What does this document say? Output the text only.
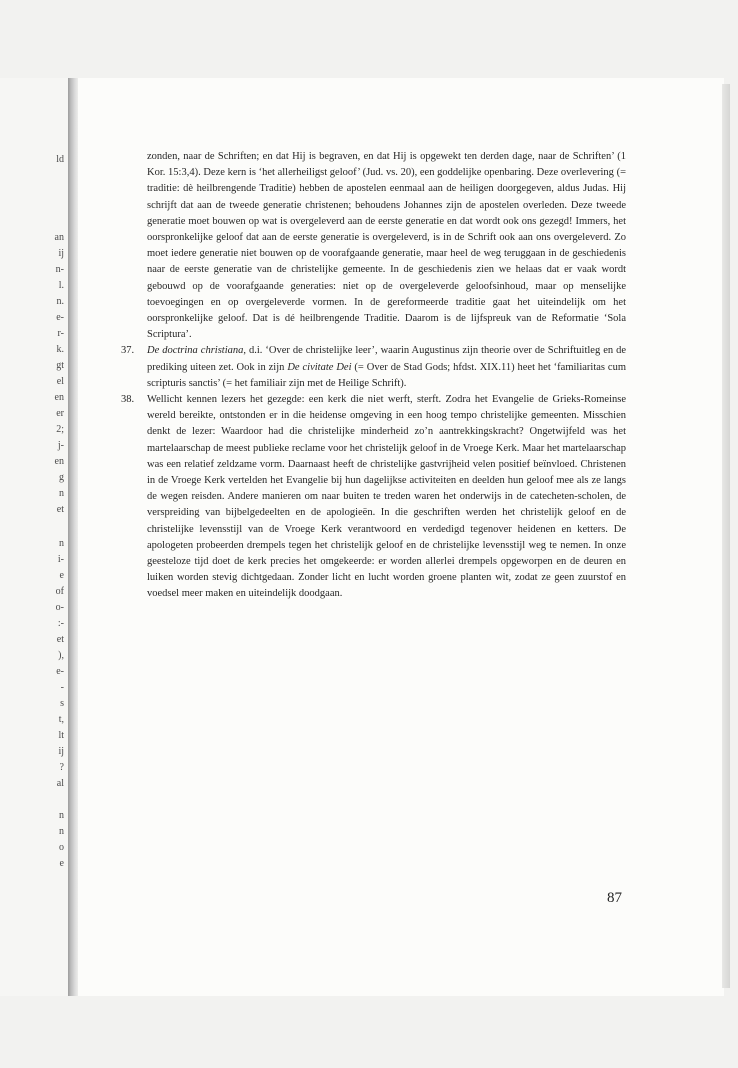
ld
an
ij
n-
l.
n.
e-
r-
k.
gt
el
en
er
2;
j-
en
g
n
et
n
i-
e
of
o-
:-
et
),
e-
-
s
t,
lt
ij
?
al
n
n
o
e

zonden, naar de Schriften; en dat Hij is begraven, en dat Hij is opgewekt ten derden dage, naar de Schriften’ (1 Kor. 15:3,4). Deze kern is ‘het allerheiligst geloof’ (Jud. vs. 20), een goddelijke openbaring. Deze overlevering (= traditie: dè heilbrengende Traditie) hebben de apostelen eenmaal aan de heiligen doorgegeven, aldus Judas. Hij schrijft dat aan de tweede generatie christenen; behoudens Johannes zijn de apostelen overleden. Deze tweede generatie moet bouwen op wat is overgeleverd aan de eerste generatie en dat wordt ook ons gezegd! Immers, het oorspronkelijke geloof dat aan de eerste generatie is overgeleverd, is in de Schrift ook aan ons overgeleverd. Zo moet iedere generatie niet bouwen op de voorafgaande generatie, maar heel de weg teruggaan in de geschiedenis naar de eerste generatie van de christelijke gemeente. In de geschiedenis zien we helaas dat er vaak wordt gebouwd op de voorafgaande generaties: niet op de overgeleverde geloofsinhoud, maar op menselijke toevoegingen en op overgeleverde vormen. In de gereformeerde traditie gaat het uiteindelijk om het oorspronkelijke geloof. Dat is dé heilbrengende Traditie. Daarom is de lijfspreuk van de Reformatie ‘Sola Scriptura’.

37. De doctrina christiana, d.i. ‘Over de christelijke leer’, waarin Augustinus zijn theorie over de Schriftuitleg en de prediking uiteen zet. Ook in zijn De civitate Dei (= Over de Stad Gods; hfdst. XIX.11) heet het ‘familiaritas cum scripturis sanctis’ (= het familiair zijn met de Heilige Schrift).

38. Wellicht kennen lezers het gezegde: een kerk die niet werft, sterft. Zodra het Evangelie de Grieks-Romeinse wereld bereikte, ontstonden er in die heidense omgeving in een hoog tempo christelijke gemeenten. Misschien denkt de lezer: Waardoor had die christelijke minderheid zo’n aantrekkingskracht? Ongetwijfeld was het martelaarschap de meest publieke reclame voor het christelijk geloof in de Vroege Kerk. Maar het martelaarschap was een relatief zeldzame vorm. Daarnaast heeft de christelijke gastvrijheid velen positief beïnvloed. Christenen in de Vroege Kerk vertelden het Evangelie bij hun dagelijkse activiteiten en deelden hun geloof mee als ze langs de wegen reisden. Andere manieren om naar buiten te treden waren het onderwijs in de catecheten-scholen, de verspreiding van bijbelgedeelten en de apologieën. In die geschriften werden het christelijk geloof en de christelijke levensstijl van de Vroege Kerk verantwoord en verdedigd tegenover heidenen en ketters. De apologeten probeerden drempels tegen het christelijk geloof en de christelijke levensstijl weg te nemen. In onze geesteloze tijd doet de kerk precies het omgekeerde: er worden allerlei drempels opgeworpen en de deuren en luiken worden stevig dichtgedaan. Zonder licht en lucht worden groene planten wit, zodat ze geen zuurstof en voedsel meer maken en uiteindelijk doodgaan.

87
